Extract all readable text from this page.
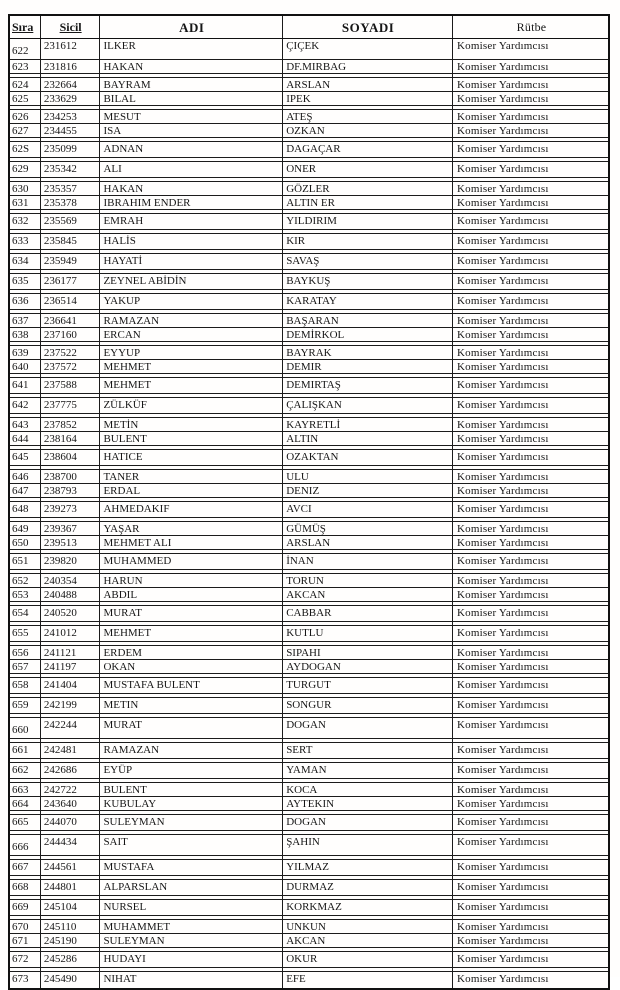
Sıra	Sicil	ADI	SOYADI	Rütbe
622	231612	ILKER	ÇIÇEK	Komiser Yardımcısı
623	231816	HAKAN	DF.MIRBAG	Komiser Yardımcısı
624	232664	BAYRAM	ARSLAN	Komiser Yardımcısı
625	233629	BILAL	IPEK	Komiser Yardımcısı
626	234253	MESUT	ATEŞ	Komiser Yardımcısı
627	234455	ISA	OZKAN	Komiser Yardımcısı
62S	235099	ADNAN	DAGAÇAR	Komiser Yardımcısı
629	235342	ALI	ONER	Komiser Yardımcısı
630	235357	HAKAN	GÖZLER	Komiser Yardımcısı
631	235378	IBRAHIM ENDER	ALTIN ER	Komiser Yardımcısı
632	235569	EMRAH	YILDIRIM	Komiser Yardımcısı
633	235845	HALİS	KIR	Komiser Yardımcısı
634	235949	HAYATİ	SAVAŞ	Komiser Yardımcısı
635	236177	ZEYNEL ABİDİN	BAYKUŞ	Komiser Yardımcısı
636	236514	YAKUP	KARATAY	Komiser Yardımcısı
637	236641	RAMAZAN	BAŞARAN	Komiser Yardımcısı
638	237160	ERCAN	DEMİRKOL	Komiser Yardımcısı
639	237522	EYYUP	BAYRAK	Komiser Yardımcısı
640	237572	MEHMET	DEMIR	Komiser Yardımcısı
641	237588	MEHMET	DEMIRTAŞ	Komiser Yardımcısı
642	237775	ZÜLKÜF	ÇALIŞKAN	Komiser Yardımcısı
643	237852	METİN	KAYRETLİ	Komiser Yardımcısı
644	238164	BULENT	ALTIN	Komiser Yardımcısı
645	238604	HATICE	OZAKTAN	Komiser Yardımcısı
646	238700	TANER	ULU	Komiser Yardımcısı
647	238793	ERDAL	DENIZ	Komiser Yardımcısı
648	239273	AHMEDAKIF	AVCI	Komiser Yardımcısı
649	239367	YAŞAR	GÜMÜŞ	Komiser Yardımcısı
650	239513	MEHMET ALI	ARSLAN	Komiser Yardımcısı
651	239820	MUHAMMED	İNAN	Komiser Yardımcısı
652	240354	HARUN	TORUN	Komiser Yardımcısı
653	240488	ABDIL	AKCAN	Komiser Yardımcısı
654	240520	MURAT	CABBAR	Komiser Yardımcısı
655	241012	MEHMET	KUTLU	Komiser Yardımcısı
656	241121	ERDEM	SIPAHI	Komiser Yardımcısı
657	241197	OKAN	AYDOGAN	Komiser Yardımcısı
658	241404	MUSTAFA BULENT	TURGUT	Komiser Yardımcısı
659	242199	METIN	SONGUR	Komiser Yardımcısı
660	242244	MURAT	DOGAN	Komiser Yardımcısı
661	242481	RAMAZAN	SERT	Komiser Yardımcısı
662	242686	EYÜP	YAMAN	Komiser Yardımcısı
663	242722	BULENT	KOCA	Komiser Yardımcısı
664	243640	KUBULAY	AYTEKIN	Komiser Yardımcısı
665	244070	SULEYMAN	DOGAN	Komiser Yardımcısı
666	244434	SAIT	ŞAHIN	Komiser Yardımcısı
667	244561	MUSTAFA	YILMAZ	Komiser Yardımcısı
668	244801	ALPARSLAN	DURMAZ	Komiser Yardımcısı
669	245104	NURSEL	KORKMAZ	Komiser Yardımcısı
670	245110	MUHAMMET	UNKUN	Komiser Yardımcısı
671	245190	SULEYMAN	AKCAN	Komiser Yardımcısı
672	245286	HUDAYI	OKUR	Komiser Yardımcısı
673	245490	NIHAT	EFE	Komiser Yardımcısı
